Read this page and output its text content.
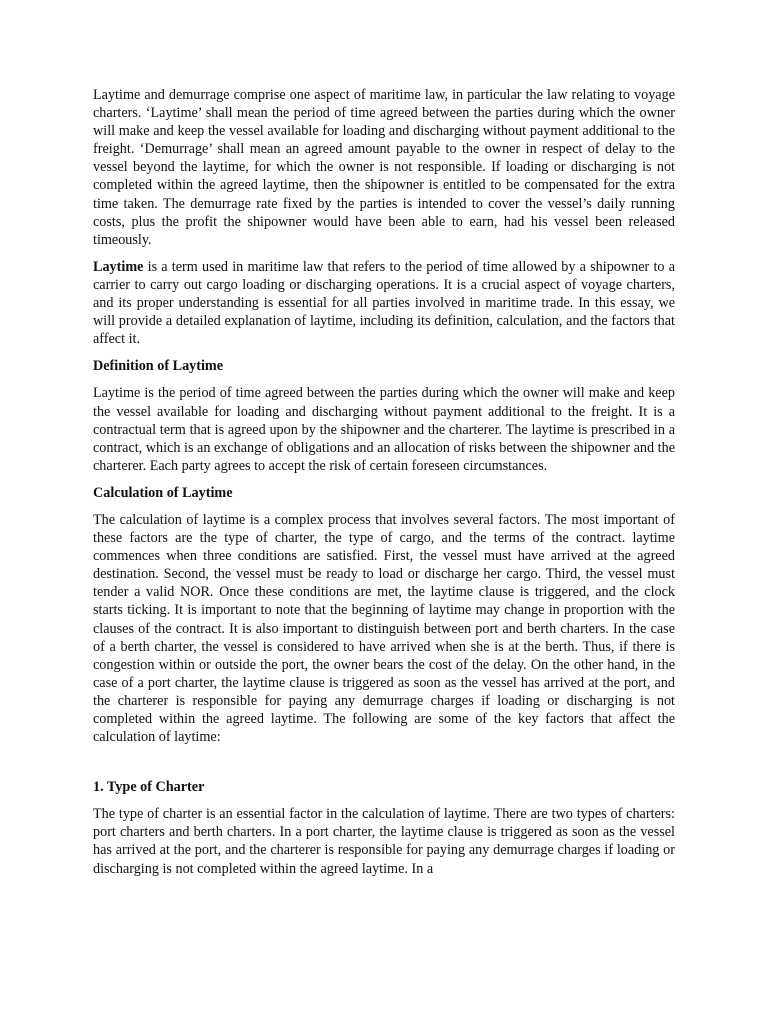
Laytime and demurrage comprise one aspect of maritime law, in particular the law relating to voyage charters. ‘Laytime’ shall mean the period of time agreed between the parties during which the owner will make and keep the vessel available for loading and discharging without payment additional to the freight. ‘Demurrage’ shall mean an agreed amount payable to the owner in respect of delay to the vessel beyond the laytime, for which the owner is not responsible. If loading or discharging is not completed within the agreed laytime, then the shipowner is entitled to be compensated for the extra time taken. The demurrage rate fixed by the parties is intended to cover the vessel’s daily running costs, plus the profit the shipowner would have been able to earn, had his vessel been released timeously.

Laytime is a term used in maritime law that refers to the period of time allowed by a shipowner to a carrier to carry out cargo loading or discharging operations. It is a crucial aspect of voyage charters, and its proper understanding is essential for all parties involved in maritime trade. In this essay, we will provide a detailed explanation of laytime, including its definition, calculation, and the factors that affect it.

Definition of Laytime

Laytime is the period of time agreed between the parties during which the owner will make and keep the vessel available for loading and discharging without payment additional to the freight. It is a contractual term that is agreed upon by the shipowner and the charterer. The laytime is prescribed in a contract, which is an exchange of obligations and an allocation of risks between the shipowner and the charterer. Each party agrees to accept the risk of certain foreseen circumstances.

Calculation of Laytime

The calculation of laytime is a complex process that involves several factors. The most important of these factors are the type of charter, the type of cargo, and the terms of the contract. laytime commences when three conditions are satisfied. First, the vessel must have arrived at the agreed destination. Second, the vessel must be ready to load or discharge her cargo. Third, the vessel must tender a valid NOR. Once these conditions are met, the laytime clause is triggered, and the clock starts ticking. It is important to note that the beginning of laytime may change in proportion with the clauses of the contract. It is also important to distinguish between port and berth charters. In the case of a berth charter, the vessel is considered to have arrived when she is at the berth. Thus, if there is congestion within or outside the port, the owner bears the cost of the delay. On the other hand, in the case of a port charter, the laytime clause is triggered as soon as the vessel has arrived at the port, and the charterer is responsible for paying any demurrage charges if loading or discharging is not completed within the agreed laytime. The following are some of the key factors that affect the calculation of laytime:

1. Type of Charter

The type of charter is an essential factor in the calculation of laytime. There are two types of charters: port charters and berth charters. In a port charter, the laytime clause is triggered as soon as the vessel has arrived at the port, and the charterer is responsible for paying any demurrage charges if loading or discharging is not completed within the agreed laytime. In a
